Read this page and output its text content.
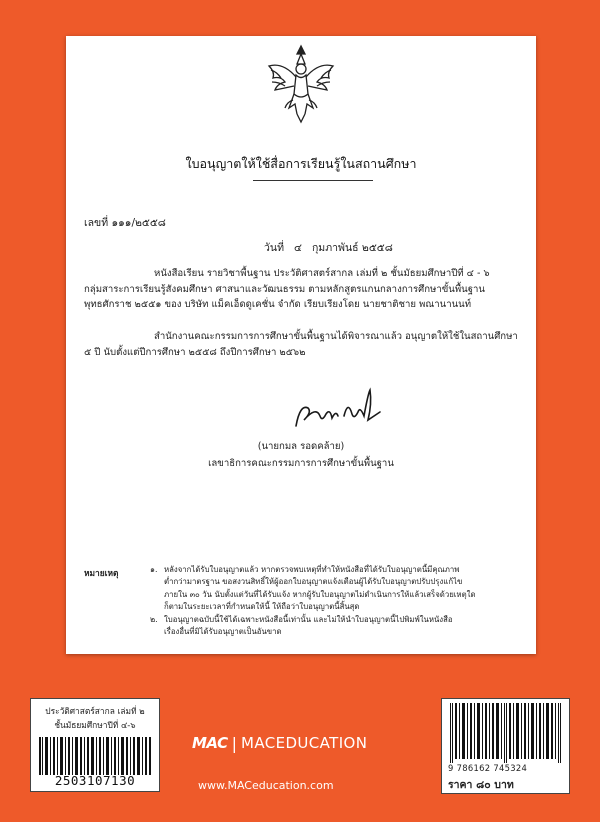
ใบอนุญาตให้ใช้สื่อการเรียนรู้ในสถานศึกษา
เลขที่ ๑๑๑/๒๕๕๘
วันที่ ๔ กุมภาพันธ์ ๒๕๕๘
หนังสือเรียน รายวิชาพื้นฐาน ประวัติศาสตร์สากล เล่มที่ ๒ ชั้นมัธยมศึกษาปีที่ ๔ - ๖
กลุ่มสาระการเรียนรู้สังคมศึกษา ศาสนาและวัฒนธรรม ตามหลักสูตรแกนกลางการศึกษาขั้นพื้นฐาน
พุทธศักราช ๒๕๕๑ ของ บริษัท แม็คเอ็ดดูเคชั่น จำกัด เรียบเรียงโดย นายชาติชาย พณานานนท์
สำนักงานคณะกรรมการการศึกษาขั้นพื้นฐานได้พิจารณาแล้ว อนุญาตให้ใช้ในสถานศึกษา
๕ ปี นับตั้งแต่ปีการศึกษา ๒๕๕๘ ถึงปีการศึกษา ๒๕๖๒
(นายกมล รอดคล้าย)
เลขาธิการคณะกรรมการการศึกษาขั้นพื้นฐาน
หมายเหตุ	๑. หลังจากได้รับใบอนุญาตแล้ว หากตรวจพบเหตุที่ทำให้หนังสือที่ได้รับใบอนุญาตนี้มีคุณภาพ
ต่ำกว่ามาตรฐาน ขอสงวนสิทธิ์ให้ผู้ออกใบอนุญาตแจ้งเตือนผู้ได้รับใบอนุญาตปรับปรุงแก้ไข
ภายใน ๓๐ วัน นับตั้งแต่วันที่ได้รับแจ้ง หากผู้รับใบอนุญาตไม่ดำเนินการให้แล้วเสร็จด้วยเหตุใด
ก็ตามในระยะเวลาที่กำหนดให้นี้ ให้ถือว่าใบอนุญาตนี้สิ้นสุด
๒. ใบอนุญาตฉบับนี้ใช้ได้เฉพาะหนังสือนี้เท่านั้น และไม่ให้นำใบอนุญาตนี้ไปพิมพ์ในหนังสือ
เรื่องอื่นที่มิได้รับอนุญาตเป็นอันขาด
ประวัติศาสตร์สากล เล่มที่ ๒
ชั้นมัธยมศึกษาปีที่ ๔-๖
2503107130
MAC | MACEDUCATION
www.MACeducation.com
9 786162 745324
ราคา ๘๐ บาท
